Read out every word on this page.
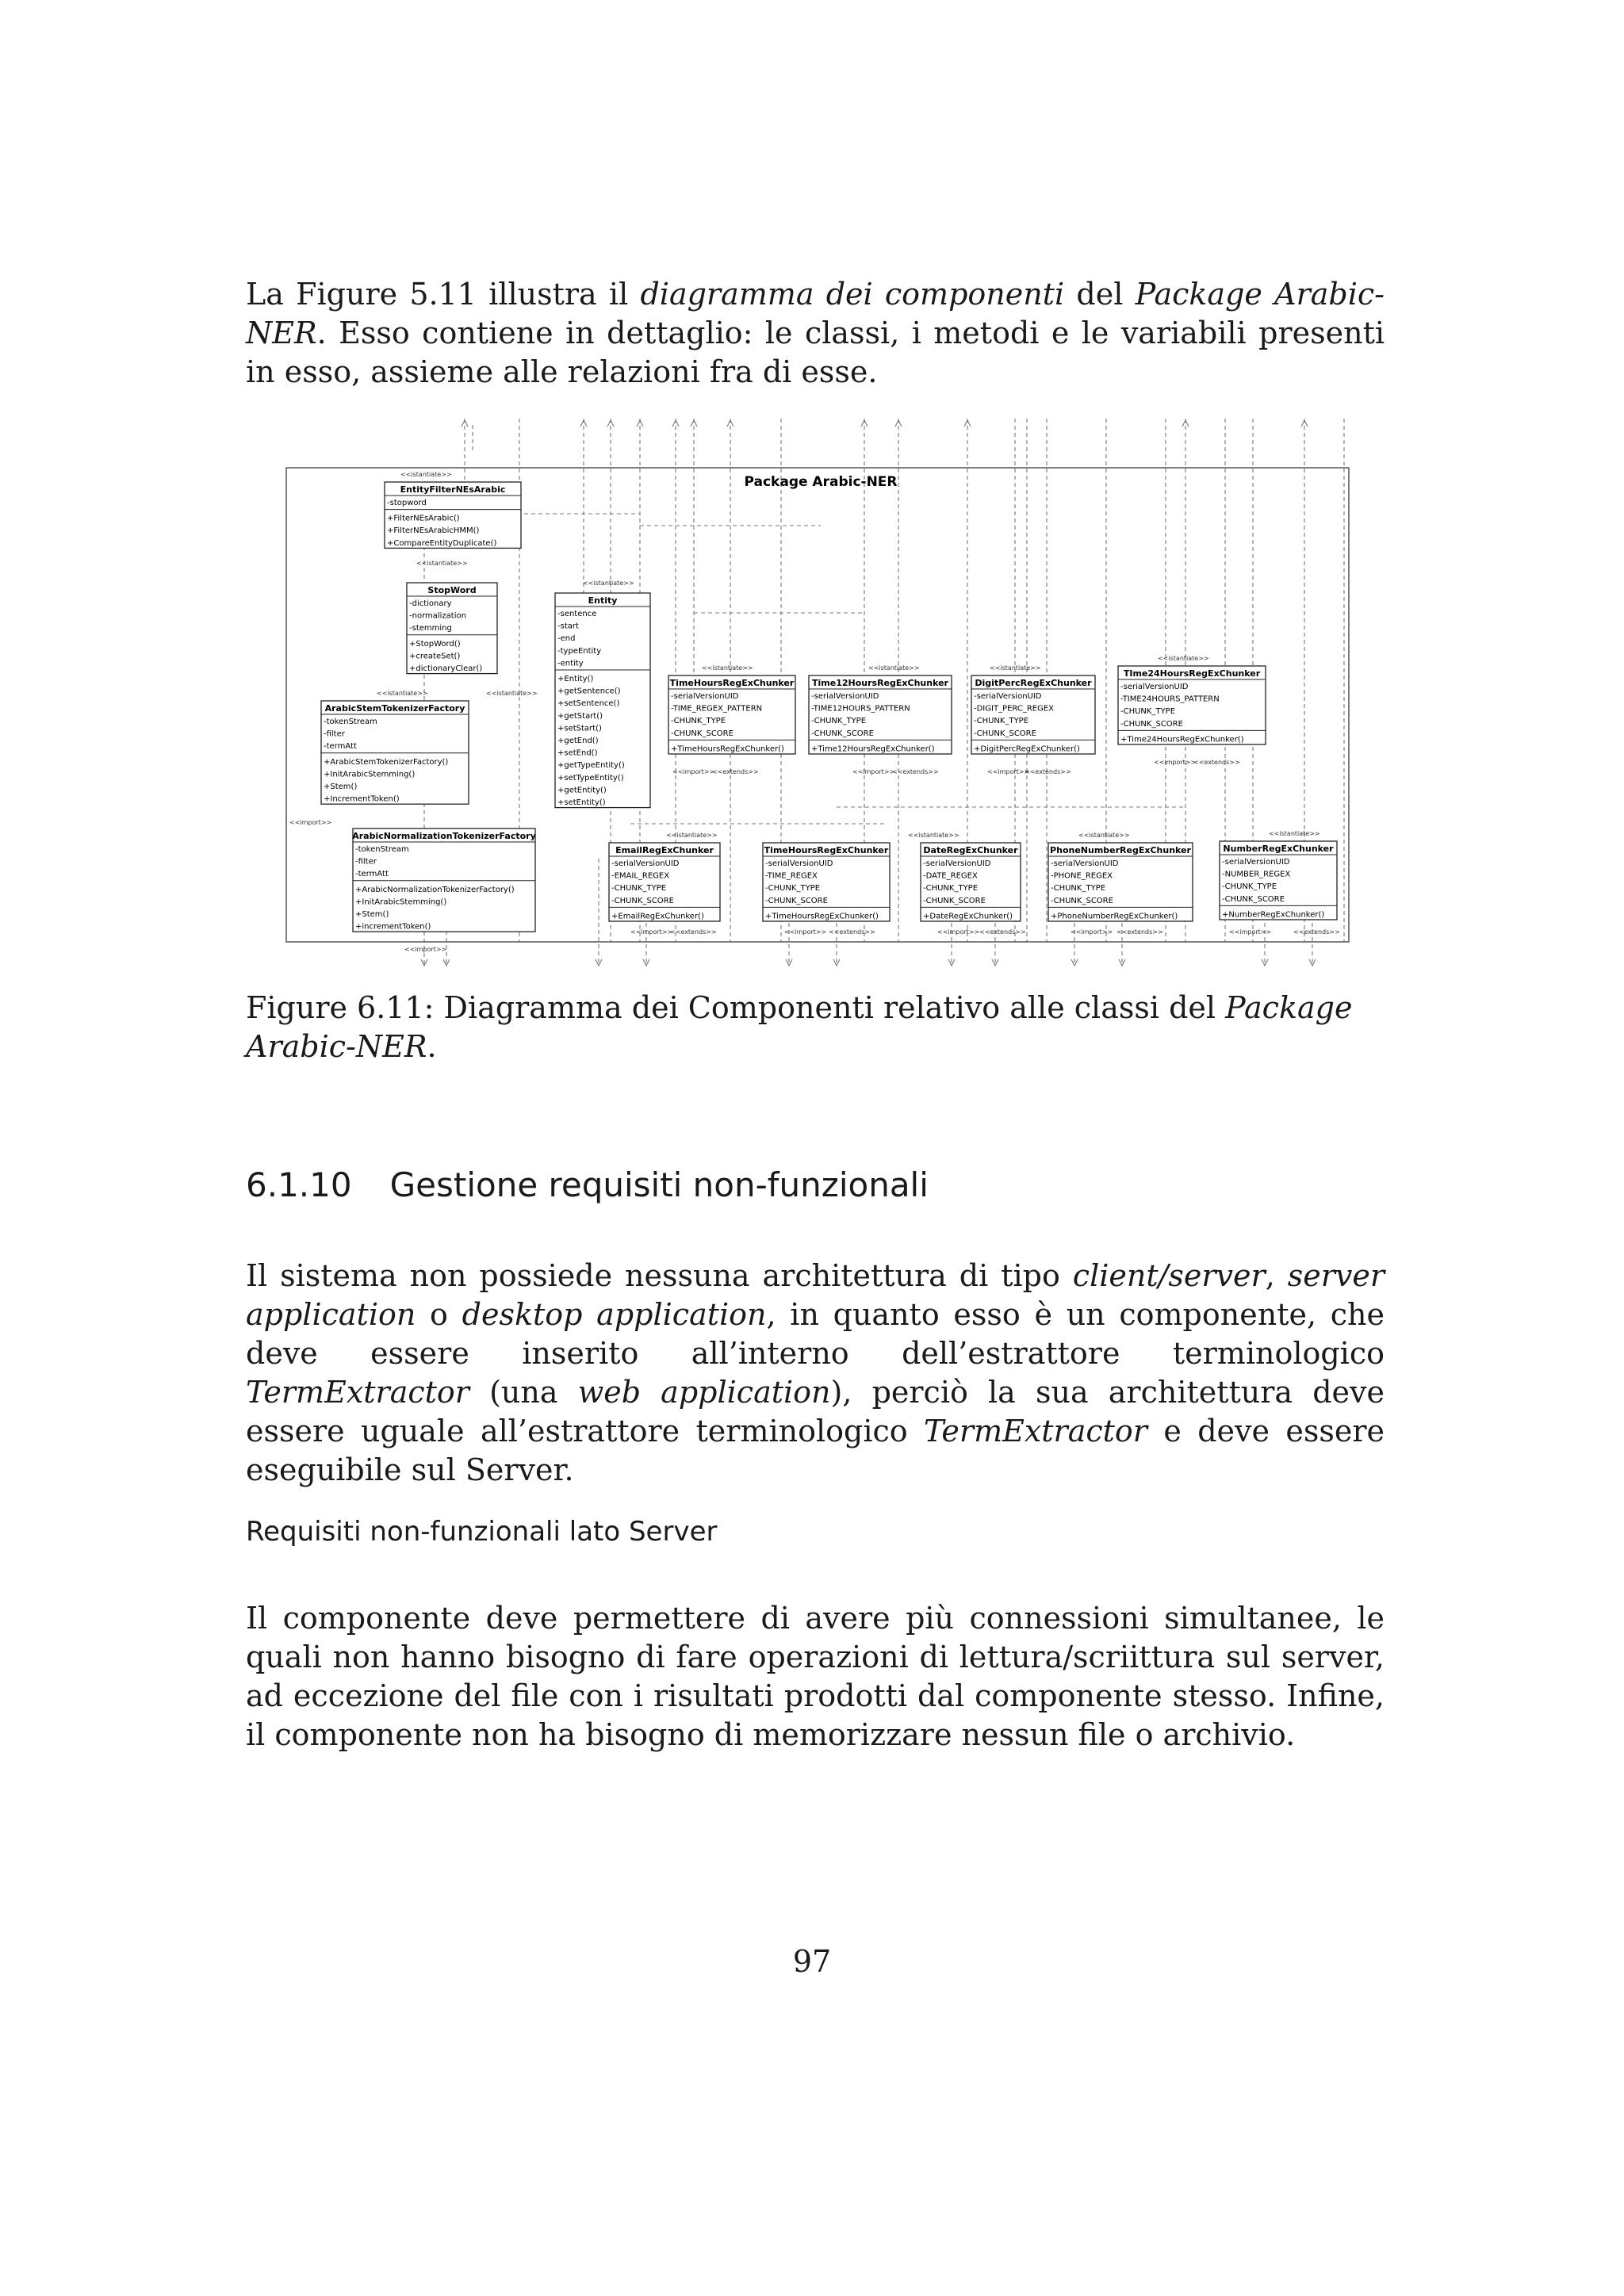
La Figure 5.11 illustra il diagramma dei componenti del Package Arabic-NER. Esso contiene in dettaglio: le classi, i metodi e le variabili presenti in esso, assieme alle relazioni fra di esse.

Package Arabic-NER
EntityFilterNEsArabic
-stopword
+FilterNEsArabic()
+FilterNEsArabicHMM()
+CompareEntityDuplicate()
StopWord
-dictionary
-normalization
-stemming
+StopWord()
+createSet()
+dictionaryClear()
Entity
-sentence
-start
-end
-typeEntity
-entity
+Entity()
+getSentence()
+setSentence()
+getStart()
+setStart()
+getEnd()
+setEnd()
+getTypeEntity()
+setTypeEntity()
+getEntity()
+setEntity()
ArabicStemTokenizerFactory
-tokenStream
-filter
-termAtt
+ArabicStemTokenizerFactory()
+InitArabicStemming()
+Stem()
+IncrementToken()
ArabicNormalizationTokenizerFactory
-tokenStream
-filter
-termAtt
+ArabicNormalizationTokenizerFactory()
+InitArabicStemming()
+Stem()
+incrementToken()
TimeHoursRegExChunker
-serialVersionUID
-TIME_REGEX_PATTERN
-CHUNK_TYPE
-CHUNK_SCORE
+TimeHoursRegExChunker()
Time12HoursRegExChunker
-serialVersionUID
-TIME12HOURS_PATTERN
-CHUNK_TYPE
-CHUNK_SCORE
+Time12HoursRegExChunker()
DigitPercRegExChunker
-serialVersionUID
-DIGIT_PERC_REGEX
-CHUNK_TYPE
-CHUNK_SCORE
+DigitPercRegExChunker()
TIme24HoursRegExChunker
-serialVersionUID
-TIME24HOURS_PATTERN
-CHUNK_TYPE
-CHUNK_SCORE
+Time24HoursRegExChunker()
EmailRegExChunker
-serialVersionUID
-EMAIL_REGEX
-CHUNK_TYPE
-CHUNK_SCORE
+EmailRegExChunker()
TimeHoursRegExChunker
-serialVersionUID
-TIME_REGEX
-CHUNK_TYPE
-CHUNK_SCORE
+TimeHoursRegExChunker()
DateRegExChunker
-serialVersionUID
-DATE_REGEX
-CHUNK_TYPE
-CHUNK_SCORE
+DateRegExChunker()
PhoneNumberRegExChunker
-serialVersionUID
-PHONE_REGEX
-CHUNK_TYPE
-CHUNK_SCORE
+PhoneNumberRegExChunker()
NumberRegExChunker
-serialVersionUID
-NUMBER_REGEX
-CHUNK_TYPE
-CHUNK_SCORE
+NumberRegExChunker()
<<istantiate>>
<<istantiate>>
<<istantiate>>
<<istantiate>>	<<istantiate>>
<<istantiate>>	<<istantiate>>	<<istantiate>>
<<istantiate>>
<<istantiate>>	<<istantiate>>	<<istantiate>>	<<istantiate>>
<<import>>
<<import>>
<<extends>>	<<import>>
<<extends>>	<<import>>
<<extends>>
<<import>>
<<extends>>
<<import>>
<<extends>>	<<import>> <<extends>>	<<import>> <<extends>>	<<import>> <<extends>>	<<import>>	<<extends>>
<<import>>

Figure 6.11: Diagramma dei Componenti relativo alle classi del Package Arabic-NER.

6.1.10 Gestione requisiti non-funzionali

Il sistema non possiede nessuna architettura di tipo client/server, server application o desktop application, in quanto esso è un componente, che deve essere inserito all’interno dell’estrattore terminologico TermExtractor (una web application), perciò la sua architettura deve essere uguale all’estrattore terminologico TermExtractor e deve essere eseguibile sul Server.

Requisiti non-funzionali lato Server

Il componente deve permettere di avere più connessioni simultanee, le quali non hanno bisogno di fare operazioni di lettura/scriittura sul server, ad eccezione del file con i risultati prodotti dal componente stesso. Infine, il componente non ha bisogno di memorizzare nessun file o archivio.

97
